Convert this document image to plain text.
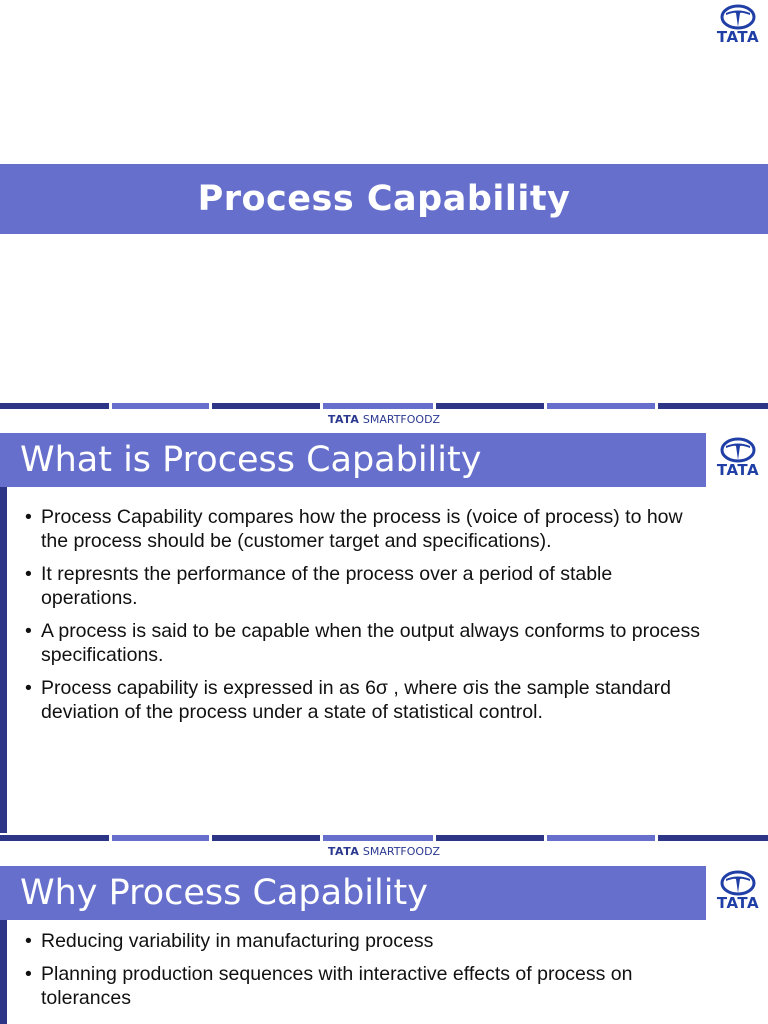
TATA
Process Capability
TATA SMARTFOODZ
What is Process Capability	TATA
• Process Capability compares how the process is (voice of process) to how the process should be (customer target and specifications).
• It represnts the performance of the process over a period of stable operations.
• A process is said to be capable when the output always conforms to process specifications.
• Process capability is expressed in as 6σ , where σis the sample standard deviation of the process under a state of statistical control.
TATA SMARTFOODZ
Why Process Capability	TATA
• Reducing variability in manufacturing process
• Planning production sequences with interactive effects of process on tolerances
